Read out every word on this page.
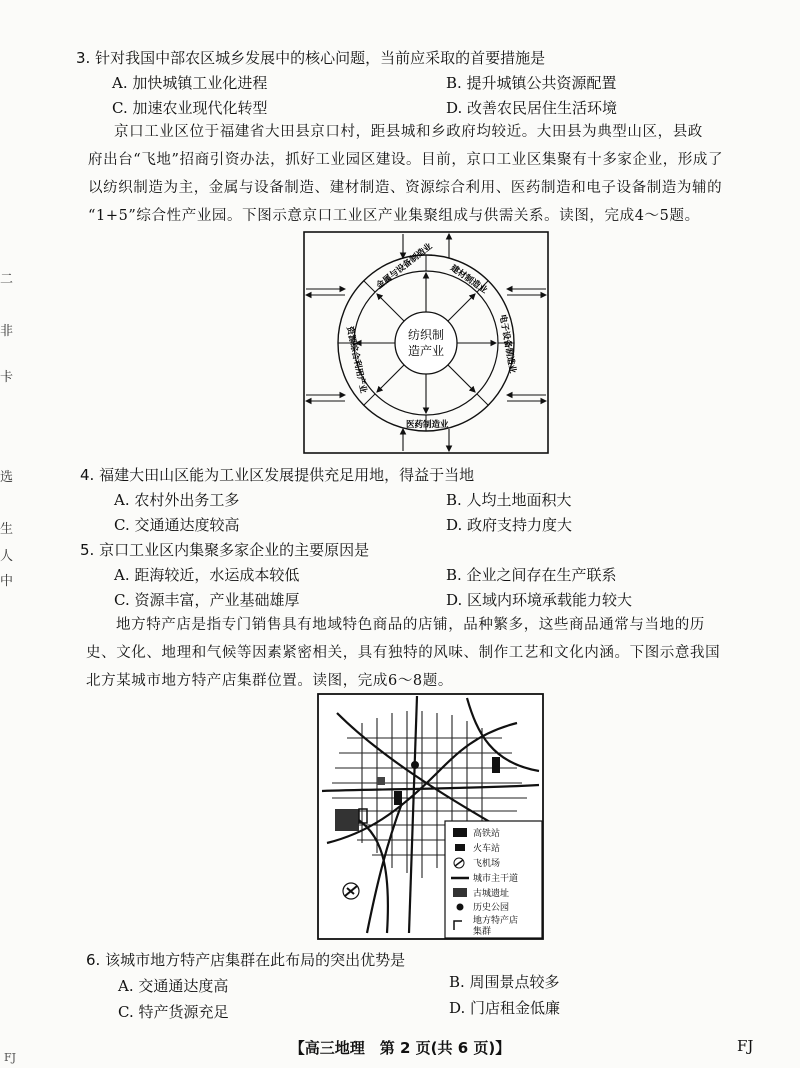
二
非
卡
选
生
人
中
3. 针对我国中部农区城乡发展中的核心问题，当前应采取的首要措施是
A. 加快城镇工业化进程	B. 提升城镇公共资源配置
C. 加速农业现代化转型	D. 改善农民居住生活环境
京口工业区位于福建省大田县京口村，距县城和乡政府均较近。大田县为典型山区，县政
府出台“飞地”招商引资办法，抓好工业园区建设。目前，京口工业区集聚有十多家企业，形成了
以纺织制造为主，金属与设备制造、建材制造、资源综合利用、医药制造和电子设备制造为辅的
“1+5”综合性产业园。下图示意京口工业区产业集聚组成与供需关系。读图，完成4～5题。
金属与设备制造业 建材制造业
电子设备制造业
医药制造业
资源综合利用产业	纺织制
造产业
4. 福建大田山区能为工业区发展提供充足用地，得益于当地
A. 农村外出务工多	B. 人均土地面积大
C. 交通通达度较高	D. 政府支持力度大
5. 京口工业区内集聚多家企业的主要原因是
A. 距海较近，水运成本较低	B. 企业之间存在生产联系
C. 资源丰富，产业基础雄厚	D. 区域内环境承载能力较大
地方特产店是指专门销售具有地域特色商品的店铺，品种繁多，这些商品通常与当地的历
史、文化、地理和气候等因素紧密相关，具有独特的风味、制作工艺和文化内涵。下图示意我国
北方某城市地方特产店集群位置。读图，完成6～8题。
高铁站
火车站
飞机场
城市主干道
古城遗址
历史公园
地方特产店
集群
6. 该城市地方特产店集群在此布局的突出优势是
A. 交通通达度高	B. 周围景点较多
C. 特产货源充足	D. 门店租金低廉
【高三地理　第 2 页(共 6 页)】	FJ
FJ
